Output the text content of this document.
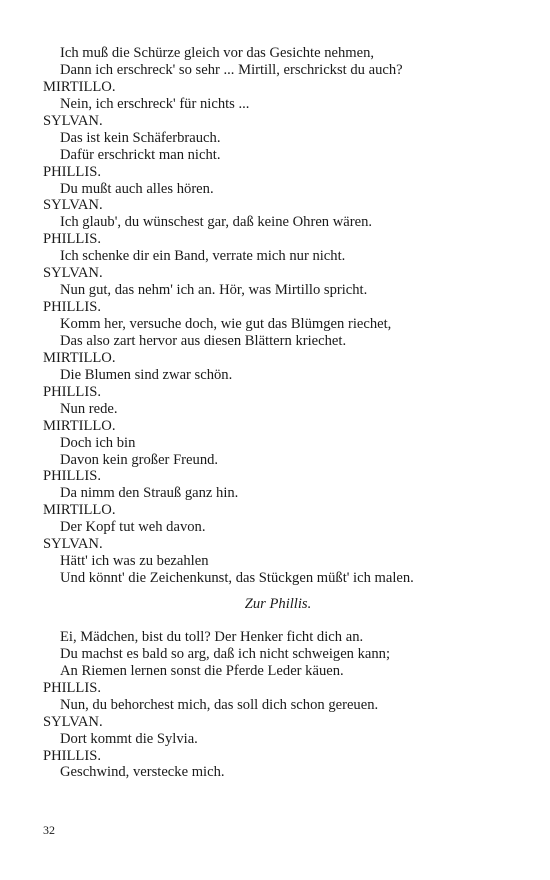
Ich muß die Schürze gleich vor das Gesichte nehmen,
Dann ich erschreck' so sehr ... Mirtill, erschrickst du auch?
MIRTILLO.
Nein, ich erschreck' für nichts ...
SYLVAN.
Das ist kein Schäferbrauch.
Dafür erschrickt man nicht.
PHILLIS.
Du mußt auch alles hören.
SYLVAN.
Ich glaub', du wünschest gar, daß keine Ohren wären.
PHILLIS.
Ich schenke dir ein Band, verrate mich nur nicht.
SYLVAN.
Nun gut, das nehm' ich an. Hör, was Mirtillo spricht.
PHILLIS.
Komm her, versuche doch, wie gut das Blümgen riechet,
Das also zart hervor aus diesen Blättern kriechet.
MIRTILLO.
Die Blumen sind zwar schön.
PHILLIS.
Nun rede.
MIRTILLO.
Doch ich bin
Davon kein großer Freund.
PHILLIS.
Da nimm den Strauß ganz hin.
MIRTILLO.
Der Kopf tut weh davon.
SYLVAN.
Hätt' ich was zu bezahlen
Und könnt' die Zeichenkunst, das Stückgen müßt' ich malen.
Zur Phillis.
Ei, Mädchen, bist du toll? Der Henker ficht dich an.
Du machst es bald so arg, daß ich nicht schweigen kann;
An Riemen lernen sonst die Pferde Leder käuen.
PHILLIS.
Nun, du behorchest mich, das soll dich schon gereuen.
SYLVAN.
Dort kommt die Sylvia.
PHILLIS.
Geschwind, verstecke mich.
32
